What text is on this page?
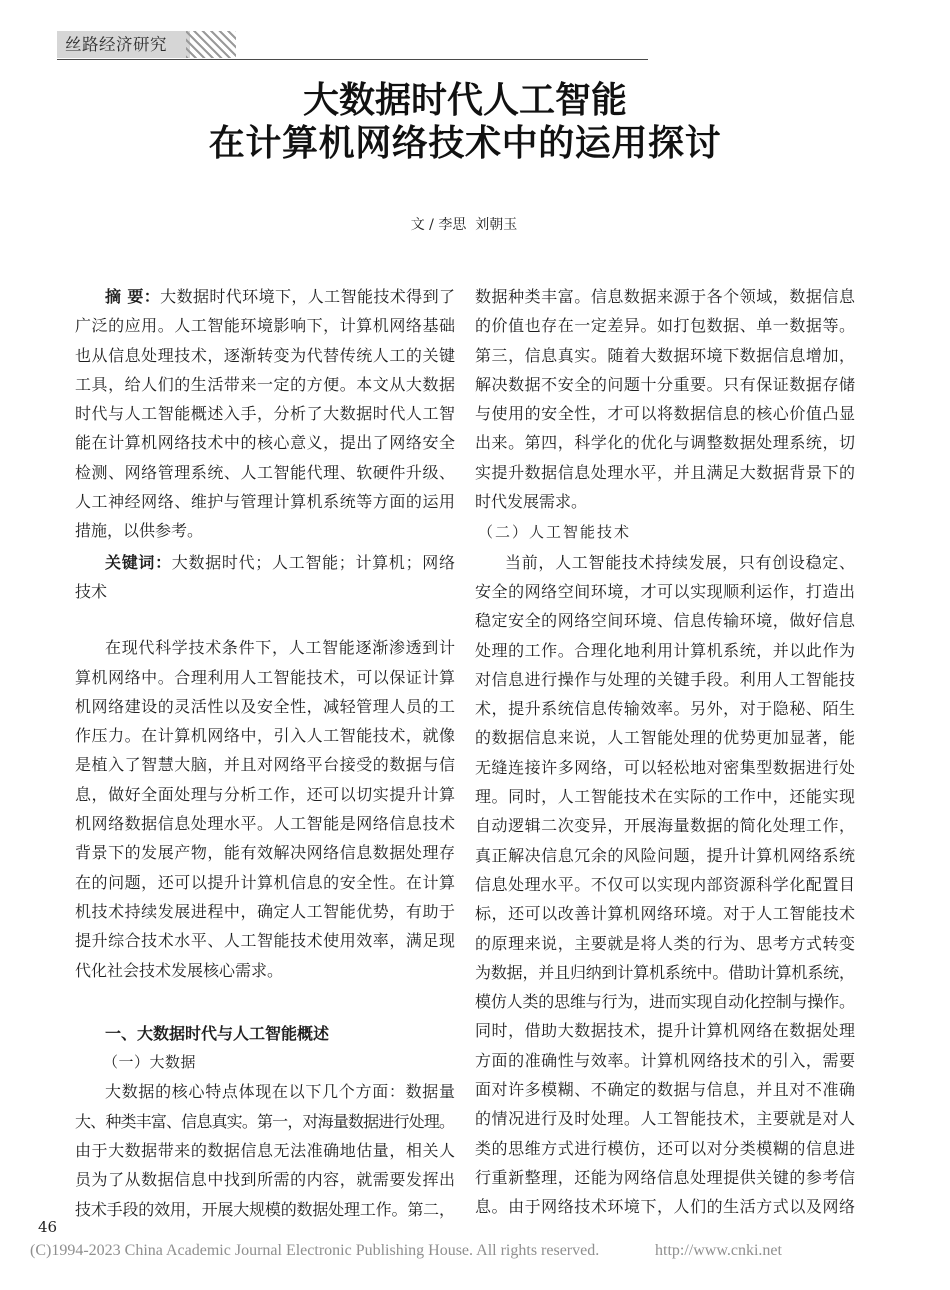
丝路经济研究
大数据时代人工智能
在计算机网络技术中的运用探讨
文 / 李思  刘朝玉
摘 要：大数据时代环境下，人工智能技术得到了
广泛的应用。人工智能环境影响下，计算机网络基础
也从信息处理技术，逐渐转变为代替传统人工的关键
工具，给人们的生活带来一定的方便。本文从大数据
时代与人工智能概述入手，分析了大数据时代人工智
能在计算机网络技术中的核心意义，提出了网络安全
检测、网络管理系统、人工智能代理、软硬件升级、
人工神经网络、维护与管理计算机系统等方面的运用
措施，以供参考。
关键词：大数据时代；人工智能；计算机；网络
技术
在现代科学技术条件下，人工智能逐渐渗透到计
算机网络中。合理利用人工智能技术，可以保证计算
机网络建设的灵活性以及安全性，减轻管理人员的工
作压力。在计算机网络中，引入人工智能技术，就像
是植入了智慧大脑，并且对网络平台接受的数据与信
息，做好全面处理与分析工作，还可以切实提升计算
机网络数据信息处理水平。人工智能是网络信息技术
背景下的发展产物，能有效解决网络信息数据处理存
在的问题，还可以提升计算机信息的安全性。在计算
机技术持续发展进程中，确定人工智能优势，有助于
提升综合技术水平、人工智能技术使用效率，满足现
代化社会技术发展核心需求。
一、大数据时代与人工智能概述
（一）大数据
大数据的核心特点体现在以下几个方面：数据量
大、种类丰富、信息真实。第一，对海量数据进行处理。
由于大数据带来的数据信息无法准确地估量，相关人
员为了从数据信息中找到所需的内容，就需要发挥出
技术手段的效用，开展大规模的数据处理工作。第二，
数据种类丰富。信息数据来源于各个领域，数据信息
的价值也存在一定差异。如打包数据、单一数据等。
第三，信息真实。随着大数据环境下数据信息增加，
解决数据不安全的问题十分重要。只有保证数据存储
与使用的安全性，才可以将数据信息的核心价值凸显
出来。第四，科学化的优化与调整数据处理系统，切
实提升数据信息处理水平，并且满足大数据背景下的
时代发展需求。
（二）人工智能技术
当前，人工智能技术持续发展，只有创设稳定、
安全的网络空间环境，才可以实现顺利运作，打造出
稳定安全的网络空间环境、信息传输环境，做好信息
处理的工作。合理化地利用计算机系统，并以此作为
对信息进行操作与处理的关键手段。利用人工智能技
术，提升系统信息传输效率。另外，对于隐秘、陌生
的数据信息来说，人工智能处理的优势更加显著，能
无缝连接许多网络，可以轻松地对密集型数据进行处
理。同时，人工智能技术在实际的工作中，还能实现
自动逻辑二次变异，开展海量数据的简化处理工作，
真正解决信息冗余的风险问题，提升计算机网络系统
信息处理水平。不仅可以实现内部资源科学化配置目
标，还可以改善计算机网络环境。对于人工智能技术
的原理来说，主要就是将人类的行为、思考方式转变
为数据，并且归纳到计算机系统中。借助计算机系统，
模仿人类的思维与行为，进而实现自动化控制与操作。
同时，借助大数据技术，提升计算机网络在数据处理
方面的准确性与效率。计算机网络技术的引入，需要
面对许多模糊、不确定的数据与信息，并且对不准确
的情况进行及时处理。人工智能技术，主要就是对人
类的思维方式进行模仿，还可以对分类模糊的信息进
行重新整理，还能为网络信息处理提供关键的参考信
息。由于网络技术环境下，人们的生活方式以及网络
46
(C)1994-2023 China Academic Journal Electronic Publishing House. All rights reserved.	http://www.cnki.net
